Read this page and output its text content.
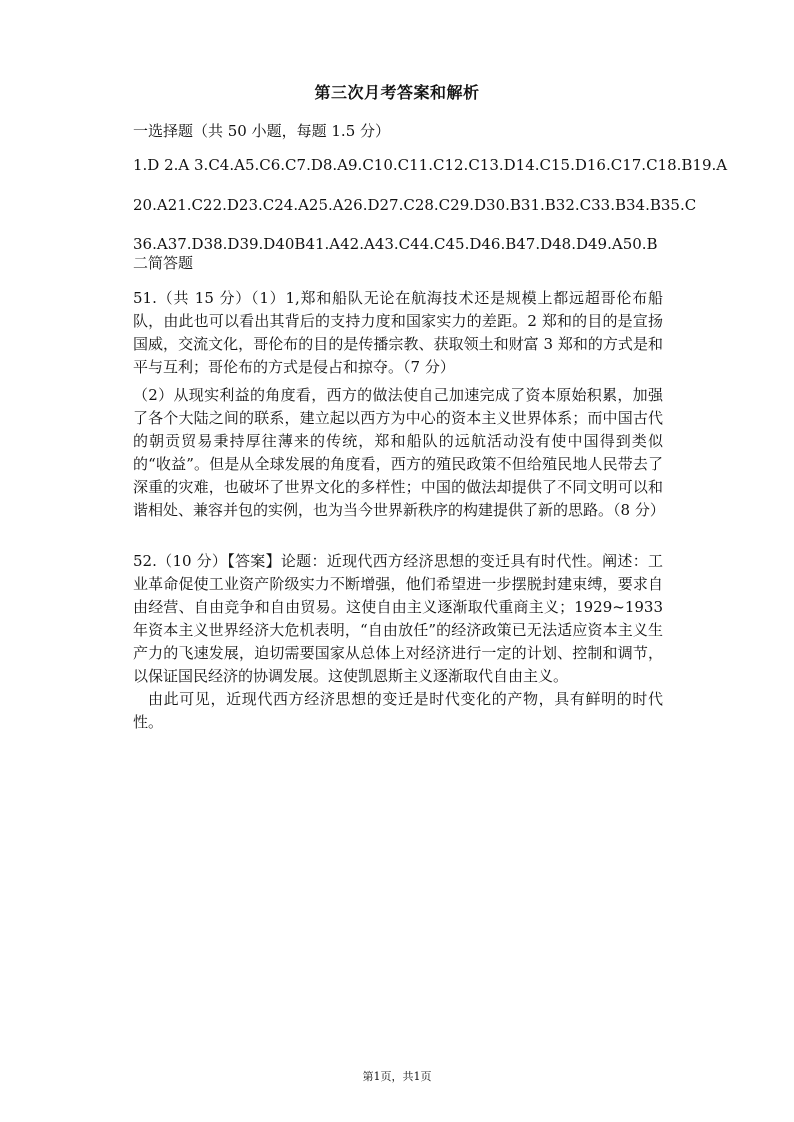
第三次月考答案和解析
一选择题（共 50 小题，每题 1.5 分）
1.D 2.A 3.C4.A5.C6.C7.D8.A9.C10.C11.C12.C13.D14.C15.D16.C17.C18.B19.A
20.A21.C22.D23.C24.A25.A26.D27.C28.C29.D30.B31.B32.C33.B34.B35.C
36.A37.D38.D39.D40B41.A42.A43.C44.C45.D46.B47.D48.D49.A50.B
二简答题

51.（共 15 分）（1）1,郑和船队无论在航海技术还是规模上都远超哥伦布船队，由此也可以看出其背后的支持力度和国家实力的差距。2 郑和的目的是宣扬国威，交流文化，哥伦布的目的是传播宗教、获取领土和财富 3 郑和的方式是和平与互利；哥伦布的方式是侵占和掠夺。（7 分）

（2）从现实利益的角度看，西方的做法使自己加速完成了资本原始积累，加强了各个大陆之间的联系，建立起以西方为中心的资本主义世界体系；而中国古代的朝贡贸易秉持厚往薄来的传统，郑和船队的远航活动没有使中国得到类似的“收益”。但是从全球发展的角度看，西方的殖民政策不但给殖民地人民带去了深重的灾难，也破坏了世界文化的多样性；中国的做法却提供了不同文明可以和谐相处、兼容并包的实例，也为当今世界新秩序的构建提供了新的思路。（8 分）

52.（10 分）【答案】论题：近现代西方经济思想的变迁具有时代性。阐述：工业革命促使工业资产阶级实力不断增强，他们希望进一步摆脱封建束缚，要求自由经营、自由竞争和自由贸易。这使自由主义逐渐取代重商主义；1929~1933 年资本主义世界经济大危机表明，“自由放任”的经济政策已无法适应资本主义生产力的飞速发展，迫切需要国家从总体上对经济进行一定的计划、控制和调节，以保证国民经济的协调发展。这使凯恩斯主义逐渐取代自由主义。

由此可见，近现代西方经济思想的变迁是时代变化的产物，具有鲜明的时代性。

第1页，共1页
